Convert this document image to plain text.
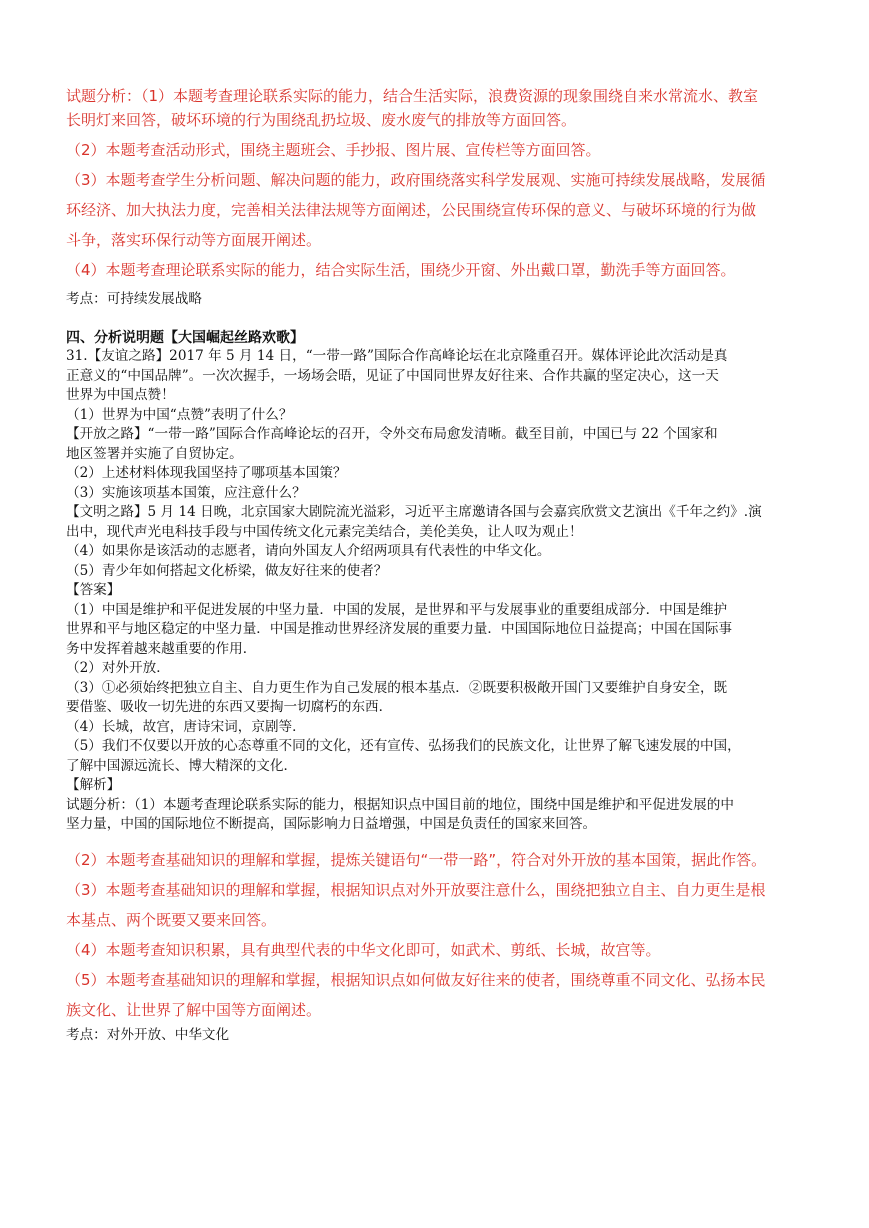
试题分析：（1）本题考查理论联系实际的能力，结合生活实际，浪费资源的现象围绕自来水常流水、教室

长明灯来回答，破坏环境的行为围绕乱扔垃圾、废水废气的排放等方面回答。

（2）本题考查活动形式，围绕主题班会、手抄报、图片展、宣传栏等方面回答。

（3）本题考查学生分析问题、解决问题的能力，政府围绕落实科学发展观、实施可持续发展战略，发展循

环经济、加大执法力度，完善相关法律法规等方面阐述，公民围绕宣传环保的意义、与破坏环境的行为做

斗争，落实环保行动等方面展开阐述。

（4）本题考查理论联系实际的能力，结合实际生活，围绕少开窗、外出戴口罩，勤洗手等方面回答。

考点：可持续发展战略
四、分析说明题【大国崛起丝路欢歌】

31.【友谊之路】2017 年 5 月 14 日，“一带一路”国际合作高峰论坛在北京隆重召开。媒体评论此次活动是真

正意义的“中国品牌”。一次次握手，一场场会晤，见证了中国同世界友好往来、合作共赢的坚定决心，这一天

世界为中国点赞！

（1）世界为中国“点赞”表明了什么？

【开放之路】“一带一路”国际合作高峰论坛的召开，令外交布局愈发清晰。截至目前，中国已与 22 个国家和

地区签署并实施了自贸协定。

（2）上述材料体现我国坚持了哪项基本国策？

（3）实施该项基本国策，应注意什么？

【文明之路】5 月 14 日晚，北京国家大剧院流光溢彩，习近平主席邀请各国与会嘉宾欣赏文艺演出《千年之约》.演

出中，现代声光电科技手段与中国传统文化元素完美结合，美伦美奂，让人叹为观止！

（4）如果你是该活动的志愿者，请向外国友人介绍两项具有代表性的中华文化。

（5）青少年如何搭起文化桥梁，做友好往来的使者？

【答案】

（1）中国是维护和平促进发展的中坚力量．中国的发展，是世界和平与发展事业的重要组成部分．中国是维护

世界和平与地区稳定的中坚力量．中国是推动世界经济发展的重要力量．中国国际地位日益提高；中国在国际事

务中发挥着越来越重要的作用．

（2）对外开放．

（3）①必须始终把独立自主、自力更生作为自己发展的根本基点．②既要积极敞开国门又要维护自身安全，既

要借鉴、吸收一切先进的东西又要掏一切腐朽的东西．

（4）长城，故宫，唐诗宋词，京剧等．

（5）我们不仅要以开放的心态尊重不同的文化，还有宣传、弘扬我们的民族文化，让世界了解飞速发展的中国，

了解中国源远流长、博大精深的文化．

【解析】

试题分析：（1）本题考查理论联系实际的能力，根据知识点中国目前的地位，围绕中国是维护和平促进发展的中

坚力量，中国的国际地位不断提高，国际影响力日益增强，中国是负责任的国家来回答。

（2）本题考查基础知识的理解和掌握，提炼关键语句“一带一路”，符合对外开放的基本国策，据此作答。

（3）本题考查基础知识的理解和掌握，根据知识点对外开放要注意什么，围绕把独立自主、自力更生是根

本基点、两个既要又要来回答。

（4）本题考查知识积累，具有典型代表的中华文化即可，如武术、剪纸、长城，故宫等。

（5）本题考查基础知识的理解和掌握，根据知识点如何做友好往来的使者，围绕尊重不同文化、弘扬本民

族文化、让世界了解中国等方面阐述。

考点：对外开放、中华文化
